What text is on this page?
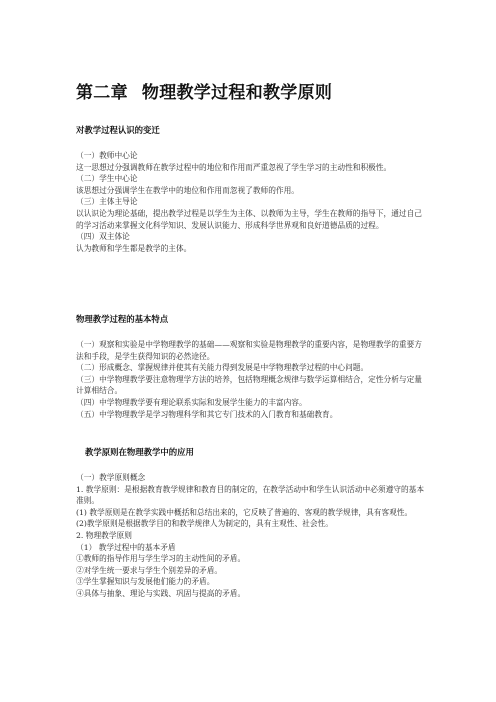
第二章 物理教学过程和教学原则

对教学过程认识的变迁

（一）教师中心论

这一思想过分强调教师在教学过程中的地位和作用而严重忽视了学生学习的主动性和积极性。

（二）学生中心论

该思想过分强调学生在教学中的地位和作用而忽视了教师的作用。

（三）主体主导论

以认识论为理论基础，提出教学过程是以学生为主体、以教师为主导，学生在教师的指导下，通过自己的学习活动来掌握文化科学知识、发展认识能力、形成科学世界观和良好道德品质的过程。

（四）双主体论

认为教师和学生都是教学的主体。

物理教学过程的基本特点

（一）观察和实验是中学物理教学的基础——观察和实验是物理教学的重要内容，是物理教学的重要方法和手段，是学生获得知识的必然途径。

（二）形成概念、掌握规律并使其有关能力得到发展是中学物理教学过程的中心问题。

（三）中学物理教学要注意物理学方法的培养，包括物理概念规律与数学运算相结合，定性分析与定量计算相结合。

（四）中学物理教学要有理论联系实际和发展学生能力的丰富内容。

（五）中学物理教学是学习物理科学和其它专门技术的入门教育和基础教育。

教学原则在物理教学中的应用

（一）教学原则概念

1. 教学原则：是根据教育教学规律和教育目的制定的，在教学活动中和学生认识活动中必须遵守的基本准则。

(1) 教学原则是在教学实践中概括和总结出来的，它反映了普遍的、客观的教学规律，具有客观性。

(2)教学原则是根据教学目的和教学规律人为制定的，具有主观性、社会性。

2. 物理教学原则

（1） 教学过程中的基本矛盾

①教师的指导作用与学生学习的主动性间的矛盾。

②对学生统一要求与学生个别差异的矛盾。

③学生掌握知识与发展他们能力的矛盾。

④具体与抽象、理论与实践、巩固与提高的矛盾。
